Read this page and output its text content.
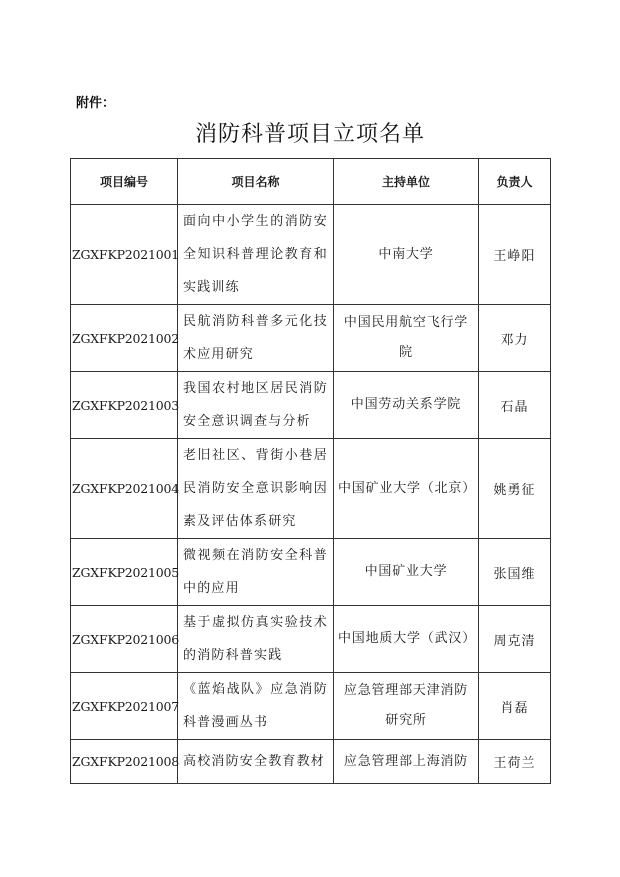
附件：
消防科普项目立项名单
项目编号	项目名称	主持单位	负责人
ZGXFKP2021001	面向中小学生的消防安全知识科普理论教育和实践训练	中南大学	王峥阳
ZGXFKP2021002	民航消防科普多元化技术应用研究	中国民用航空飞行学院	邓力
ZGXFKP2021003	我国农村地区居民消防安全意识调查与分析	中国劳动关系学院	石晶
ZGXFKP2021004	老旧社区、背街小巷居民消防安全意识影响因素及评估体系研究	中国矿业大学（北京）	姚勇征
ZGXFKP2021005	微视频在消防安全科普中的应用	中国矿业大学	张国维
ZGXFKP2021006	基于虚拟仿真实验技术的消防科普实践	中国地质大学（武汉）	周克清
ZGXFKP2021007	《蓝焰战队》应急消防科普漫画丛书	应急管理部天津消防研究所	肖磊
ZGXFKP2021008	高校消防安全教育教材	应急管理部上海消防	王荷兰
